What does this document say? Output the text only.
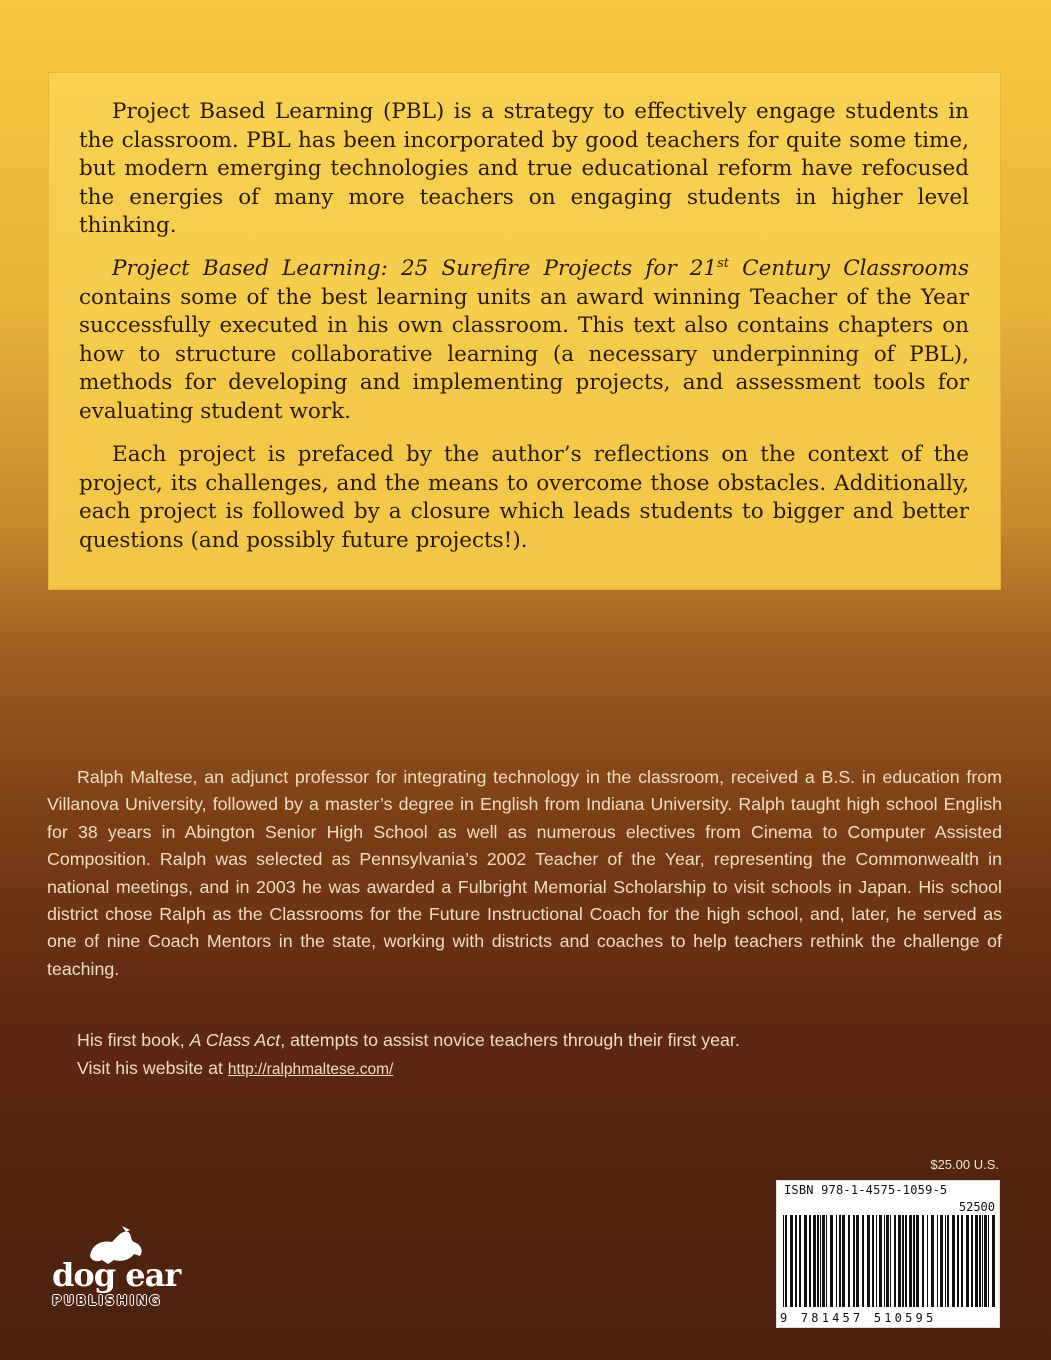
Project Based Learning (PBL) is a strategy to effectively engage students in the classroom. PBL has been incorporated by good teachers for quite some time, but modern emerging technologies and true educational reform have refocused the energies of many more teachers on engaging students in higher level thinking.

Project Based Learning: 25 Surefire Projects for 21st Century Classrooms contains some of the best learning units an award winning Teacher of the Year successfully executed in his own classroom. This text also contains chapters on how to structure collaborative learning (a necessary underpinning of PBL), methods for developing and implementing projects, and assessment tools for evaluating student work.

Each project is prefaced by the author’s reflections on the context of the project, its challenges, and the means to overcome those obstacles. Additionally, each project is followed by a closure which leads students to bigger and better questions (and possibly future projects!).

Ralph Maltese, an adjunct professor for integrating technology in the classroom, received a B.S. in education from Villanova University, followed by a master’s degree in English from Indiana University. Ralph taught high school English for 38 years in Abington Senior High School as well as numerous electives from Cinema to Computer Assisted Composition. Ralph was selected as Pennsylvania’s 2002 Teacher of the Year, representing the Commonwealth in national meetings, and in 2003 he was awarded a Fulbright Memorial Scholarship to visit schools in Japan. His school district chose Ralph as the Classrooms for the Future Instructional Coach for the high school, and, later, he served as one of nine Coach Mentors in the state, working with districts and coaches to help teachers rethink the challenge of teaching.

His first book, A Class Act, attempts to assist novice teachers through their first year.

Visit his website at http://ralphmaltese.com/

$25.00 U.S.

ISBN 978-1-4575-1059-5

52500
9 781457 510595
dog ear
PUBLISHING
